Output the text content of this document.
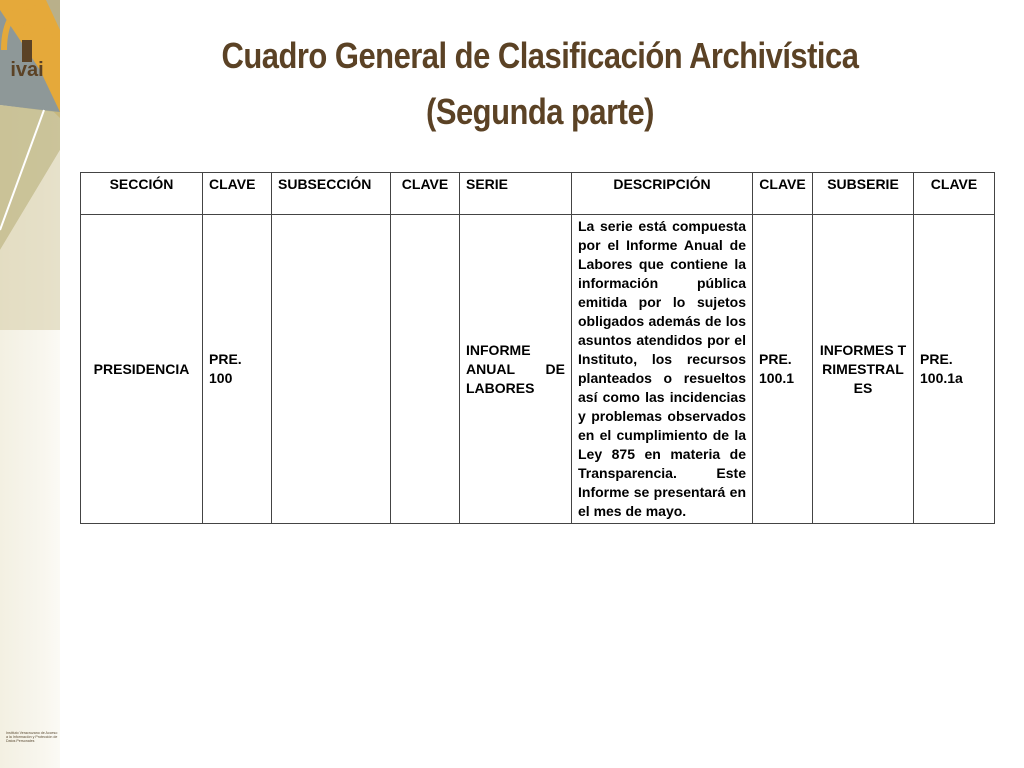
ivai
Instituto Veracruzano de Acceso a la Información y Protección de Datos Personales
Cuadro General de Clasificación Archivística
(Segunda parte)
SECCIÓN	CLAVE	SUBSECCIÓN	CLAVE	SERIE	DESCRIPCIÓN	CLAVE	SUBSERIE	CLAVE
PRESIDENCIA	PRE. 100			INFORME ANUAL DE LABORES	La serie está compuesta por el Informe Anual de Labores que contiene la información pública emitida por lo sujetos obligados además de los asuntos atendidos por el Instituto, los recursos planteados o resueltos así como las incidencias y problemas observados en el cumplimiento de la Ley 875 en materia de Transparencia. Este Informe se presentará en el mes de mayo.	PRE. 100.1	INFORMES TRIMESTRALES	PRE. 100.1a
